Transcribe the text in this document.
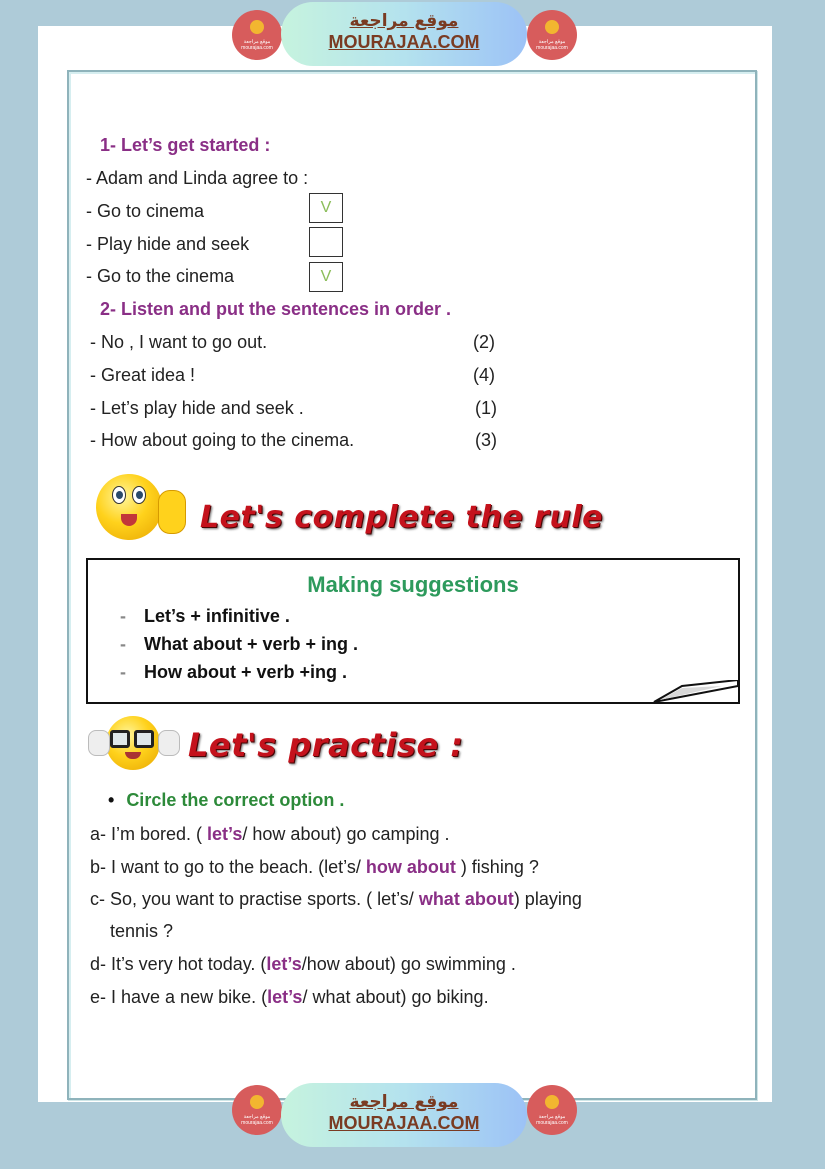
موقع مراجعة mourajaa.com
موقع مراجعة
MOURAJAA.COM	موقع مراجعة mourajaa.com
1- Let’s get started :
- Adam and Linda agree to :
- Go to cinema	V
- Play hide and seek
- Go to the cinema	V
2- Listen and put the sentences in order .
- No , I want to go out.	(2)
- Great idea !	(4)
- Let’s play hide and seek .	(1)
- How about going to the cinema.	(3)
Let's complete the rule
Making suggestions
- Let’s + infinitive .
- What about + verb + ing .
- How about + verb +ing .
Let's practise :
• Circle the correct option .
a- I’m bored. ( let’s/ how about) go camping .
b- I want to go to the beach. (let’s/ how about ) fishing ?
c- So, you want to practise sports. ( let’s/ what about) playing
tennis ?
d- It’s very hot today. (let’s/how about) go swimming .
e- I have a new bike. (let’s/ what about) go biking.
موقع مراجعة mourajaa.com
موقع مراجعة
MOURAJAA.COM	موقع مراجعة mourajaa.com
